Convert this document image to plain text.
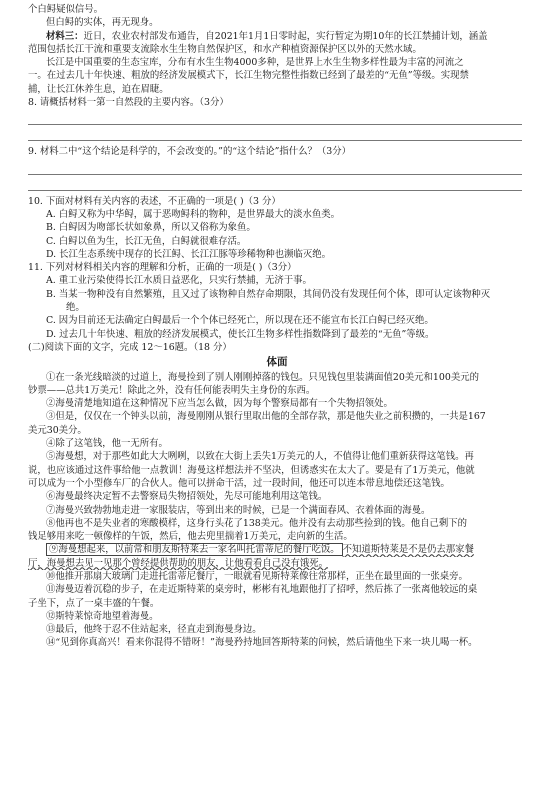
个白鲟疑似信号。
但白鲟的实体，再无现身。
材料三：近日，农业农村部发布通告，自2021年1月1日零时起，实行暂定为期10年的长江禁捕计划，涵盖
范围包括长江干流和重要支流除水生生物自然保护区，和水产种植资源保护区以外的天然水域。
长江是中国重要的生态宝库，分布有水生生物4000多种，是世界上水生生物多样性最为丰富的河流之
一。在过去几十年快速、粗放的经济发展模式下，长江生物完整性指数已经到了最差的“无鱼”等级。实现禁
捕，让长江休养生息，迫在眉睫。
8. 请概括材料一第一自然段的主要内容。（3分）
9. 材料二中“这个结论是科学的，不会改变的。”的“这个结论”指什么？（3分）
10. 下面对材料有关内容的表述，不正确的一项是( )（3 分）
A. 白鲟又称为中华鲟，属于恶吻鲟科的物种，是世界最大的淡水鱼类。
B. 白鲟因为吻部长状如象鼻，所以又俗称为象鱼。
C. 白鲟以鱼为生，长江无鱼，白鲟就很难存活。
D. 长江生态系统中现存的长江鲟、长江江豚等珍稀物种也濒临灭绝。
11. 下列对材料相关内容的理解和分析，正确的一项是( )（3分）
A. 重工业污染使得长江水质日益恶化，只实行禁捕，无济于事。
B. 当某一物种没有自然繁殖，且又过了该物种自然存命期限，其间仍没有发现任何个体，即可认定该物种灭
绝。
C. 因为目前还无法确定白鲟最后一个个体已经死亡，所以现在还不能宣布长江白鲟已经灭绝。
D. 过去几十年快速、粗放的经济发展模式，使长江生物多样性指数降到了最差的“无鱼”等级。
(二)阅读下面的文字，完成 12～16题。（18 分）
体面
①在一条光线暗淡的过道上，海曼捡到了别人刚刚掉落的钱包。只见钱包里装满面值20美元和100美元的
钞票——总共1万美元！除此之外，没有任何能表明失主身份的东西。
②海曼清楚地知道在这种情况下应当怎么做，因为每个警察局都有一个失物招领处。
③但是，仅仅在一个钟头以前，海曼刚刚从银行里取出他的全部存款，那是他失业之前积攒的，一共是167
美元30美分。
④除了这笔钱，他一无所有。
⑤海曼想，对于那些如此大大咧咧，以致在大街上丢失1万美元的人，不值得让他们重新获得这笔钱。再
说，也应该通过这件事给他一点教训！海曼这样想法并不坚决，但诱惑实在太大了。要是有了1万美元，他就
可以成为一个小型修车厂的合伙人。他可以拼命干活，过一段时间，他还可以连本带息地偿还这笔钱。
⑥海曼最终决定暂不去警察局失物招领处，先尽可能地利用这笔钱。
⑦海曼兴致勃勃地走进一家服装店，等到出来的时候，已是一个满面春风、衣着体面的海曼。
⑧他再也不是失业者的寒酸模样，这身行头花了138美元。他并没有去动那些捡到的钱。他自己剩下的
钱足够用来吃一顿像样的午饭，然后，他去兜里揣着1万美元，走向新的生活。
⑨海曼想起来，以前常和朋友斯特莱去一家名叫托雷蒂尼的餐厅吃饭。 不知道斯特莱是不是仍去那家餐
厅，海曼想去见一见那个曾经提供帮助的朋友，让他看看自己没有饿死。
⑩他推开那扇大玻璃门走进托雷蒂尼餐厅，一眼就看见斯特莱像往常那样，正坐在最里面的一张桌旁。
⑪海曼迈着沉稳的步子，在走近斯特莱的桌旁时，彬彬有礼地跟他打了招呼，然后拣了一张离他较远的桌
子坐下，点了一桌丰盛的午餐。
⑫斯特莱惊奇地望着海曼。
⑬最后，他终于忍不住站起来，径直走到海曼身边。
⑭“见到你真高兴！看来你混得不错呀！”海曼矜持地回答斯特莱的问候，然后请他坐下来一块儿喝一杯。
